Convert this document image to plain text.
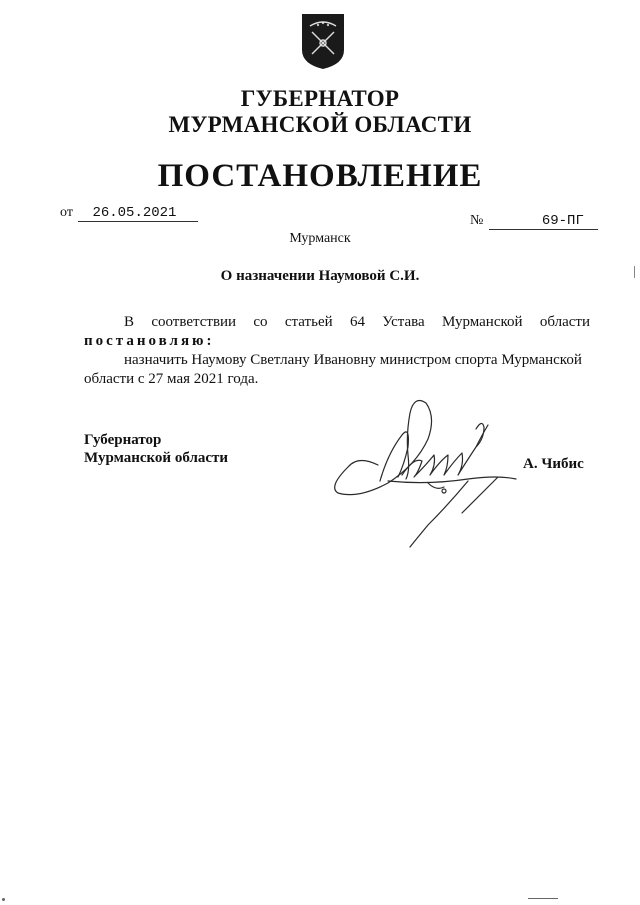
ГУБЕРНАТОР
МУРМАНСКОЙ ОБЛАСТИ
ПОСТАНОВЛЕНИЕ
от 26.05.2021	№	69-ПГ
Мурманск
О назначении Наумовой С.И.

В соответствии со статьей 64 Устава Мурманской области

постановляю:

назначить Наумову Светлану Ивановну министром спорта Мурманской области с 27 мая 2021 года.

Губернатор
Мурманской области	А. Чибис
